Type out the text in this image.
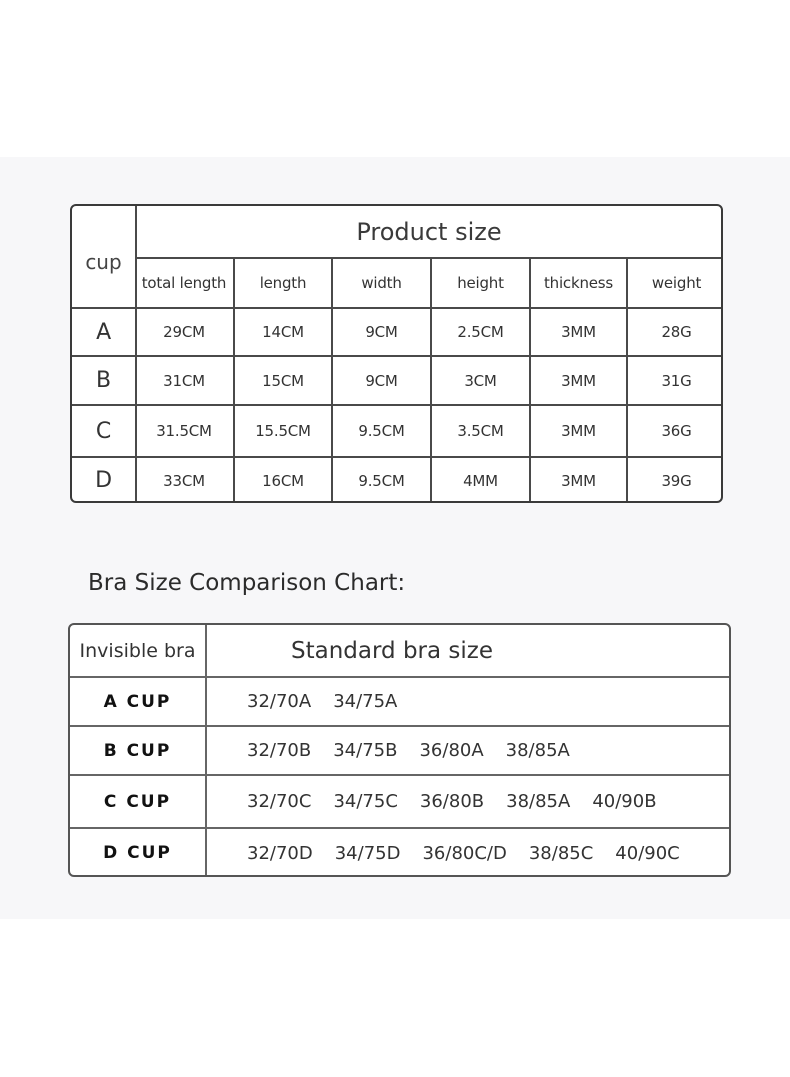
cup
Product size
total length	length	width	height	thickness	weight
A	29CM	14CM	9CM	2.5CM	3MM	28G
B	31CM	15CM	9CM	3CM	3MM	31G
C	31.5CM	15.5CM	9.5CM	3.5CM	3MM	36G
D	33CM	16CM	9.5CM	4MM	3MM	39G
Bra Size Comparison Chart:
Invisible bra	Standard bra size
A CUP	32/70A 34/75A
B CUP	32/70B 34/75B 36/80A 38/85A
C CUP	32/70C 34/75C 36/80B 38/85A 40/90B
D CUP	32/70D 34/75D 36/80C/D 38/85C 40/90C
